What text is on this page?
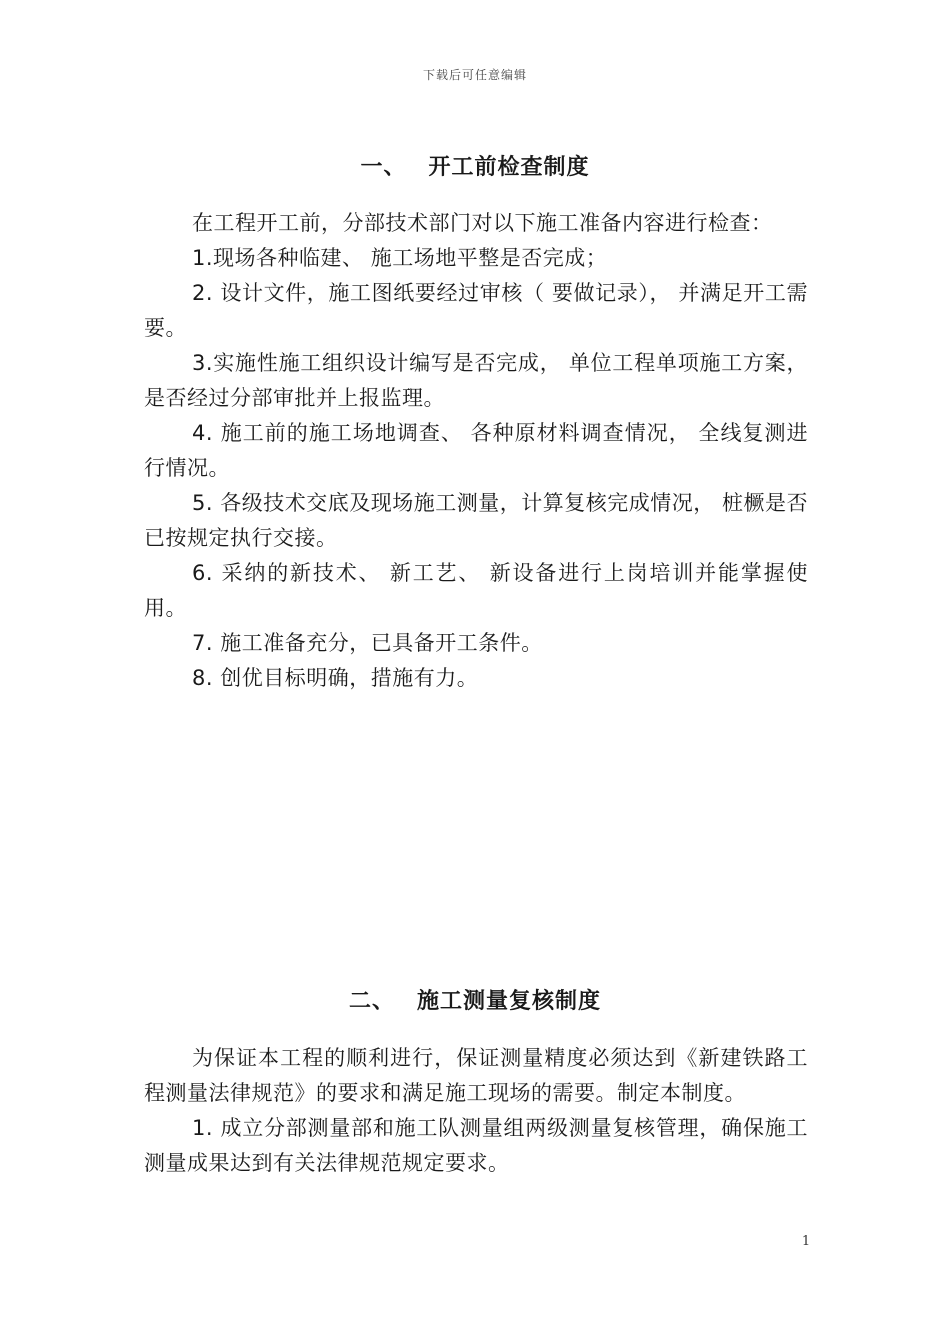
下载后可任意编辑
一、 开工前检查制度

在工程开工前，分部技术部门对以下施工准备内容进行检查：

1.现场各种临建、 施工场地平整是否完成；

2. 设计文件，施工图纸要经过审核（ 要做记录）， 并满足开工需要。

3.实施性施工组织设计编写是否完成， 单位工程单项施工方案，是否经过分部审批并上报监理。

4. 施工前的施工场地调查、 各种原材料调查情况， 全线复测进行情况。

5. 各级技术交底及现场施工测量，计算复核完成情况， 桩橛是否已按规定执行交接。

6. 采纳的新技术、 新工艺、 新设备进行上岗培训并能掌握使用。

7. 施工准备充分，已具备开工条件。

8. 创优目标明确，措施有力。

二、 施工测量复核制度

为保证本工程的顺利进行，保证测量精度必须达到《新建铁路工程测量法律规范》的要求和满足施工现场的需要。制定本制度。

1. 成立分部测量部和施工队测量组两级测量复核管理，确保施工测量成果达到有关法律规范规定要求。

1
